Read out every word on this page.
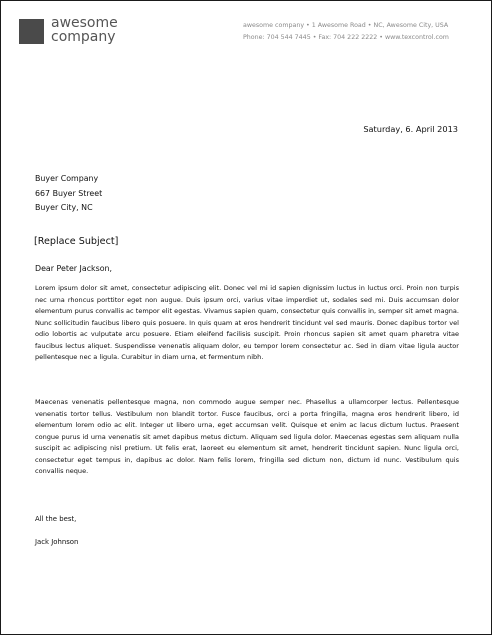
awesome
company
awesome company • 1 Awesome Road • NC, Awesome City, USA
Phone: 704 544 7445 • Fax: 704 222 2222 • www.texcontrol.com
Saturday, 6. April 2013
Buyer Company
667 Buyer Street
Buyer City, NC
[Replace Subject]
Dear Peter Jackson,
Lorem ipsum dolor sit amet, consectetur adipiscing elit. Donec vel mi id sapien dignissim luctus in luctus orci. Proin non turpis nec urna rhoncus porttitor eget non augue. Duis ipsum orci, varius vitae imperdiet ut, sodales sed mi. Duis accumsan dolor elementum purus convallis ac tempor elit egestas. Vivamus sapien quam, consectetur quis convallis in, semper sit amet magna. Nunc sollicitudin faucibus libero quis posuere. In quis quam at eros hendrerit tincidunt vel sed mauris. Donec dapibus tortor vel odio lobortis ac vulputate arcu posuere. Etiam eleifend facilisis suscipit. Proin rhoncus sapien sit amet quam pharetra vitae faucibus lectus aliquet. Suspendisse venenatis aliquam dolor, eu tempor lorem consectetur ac. Sed in diam vitae ligula auctor pellentesque nec a ligula. Curabitur in diam urna, et fermentum nibh.
Maecenas venenatis pellentesque magna, non commodo augue semper nec. Phasellus a ullamcorper lectus. Pellentesque venenatis tortor tellus. Vestibulum non blandit tortor. Fusce faucibus, orci a porta fringilla, magna eros hendrerit libero, id elementum lorem odio ac elit. Integer ut libero urna, eget accumsan velit. Quisque et enim ac lacus dictum luctus. Praesent congue purus id urna venenatis sit amet dapibus metus dictum. Aliquam sed ligula dolor. Maecenas egestas sem aliquam nulla suscipit ac adipiscing nisl pretium. Ut felis erat, laoreet eu elementum sit amet, hendrerit tincidunt sapien. Nunc ligula orci, consectetur eget tempus in, dapibus ac dolor. Nam felis lorem, fringilla sed dictum non, dictum id nunc. Vestibulum quis convallis neque.
All the best,
Jack Johnson
